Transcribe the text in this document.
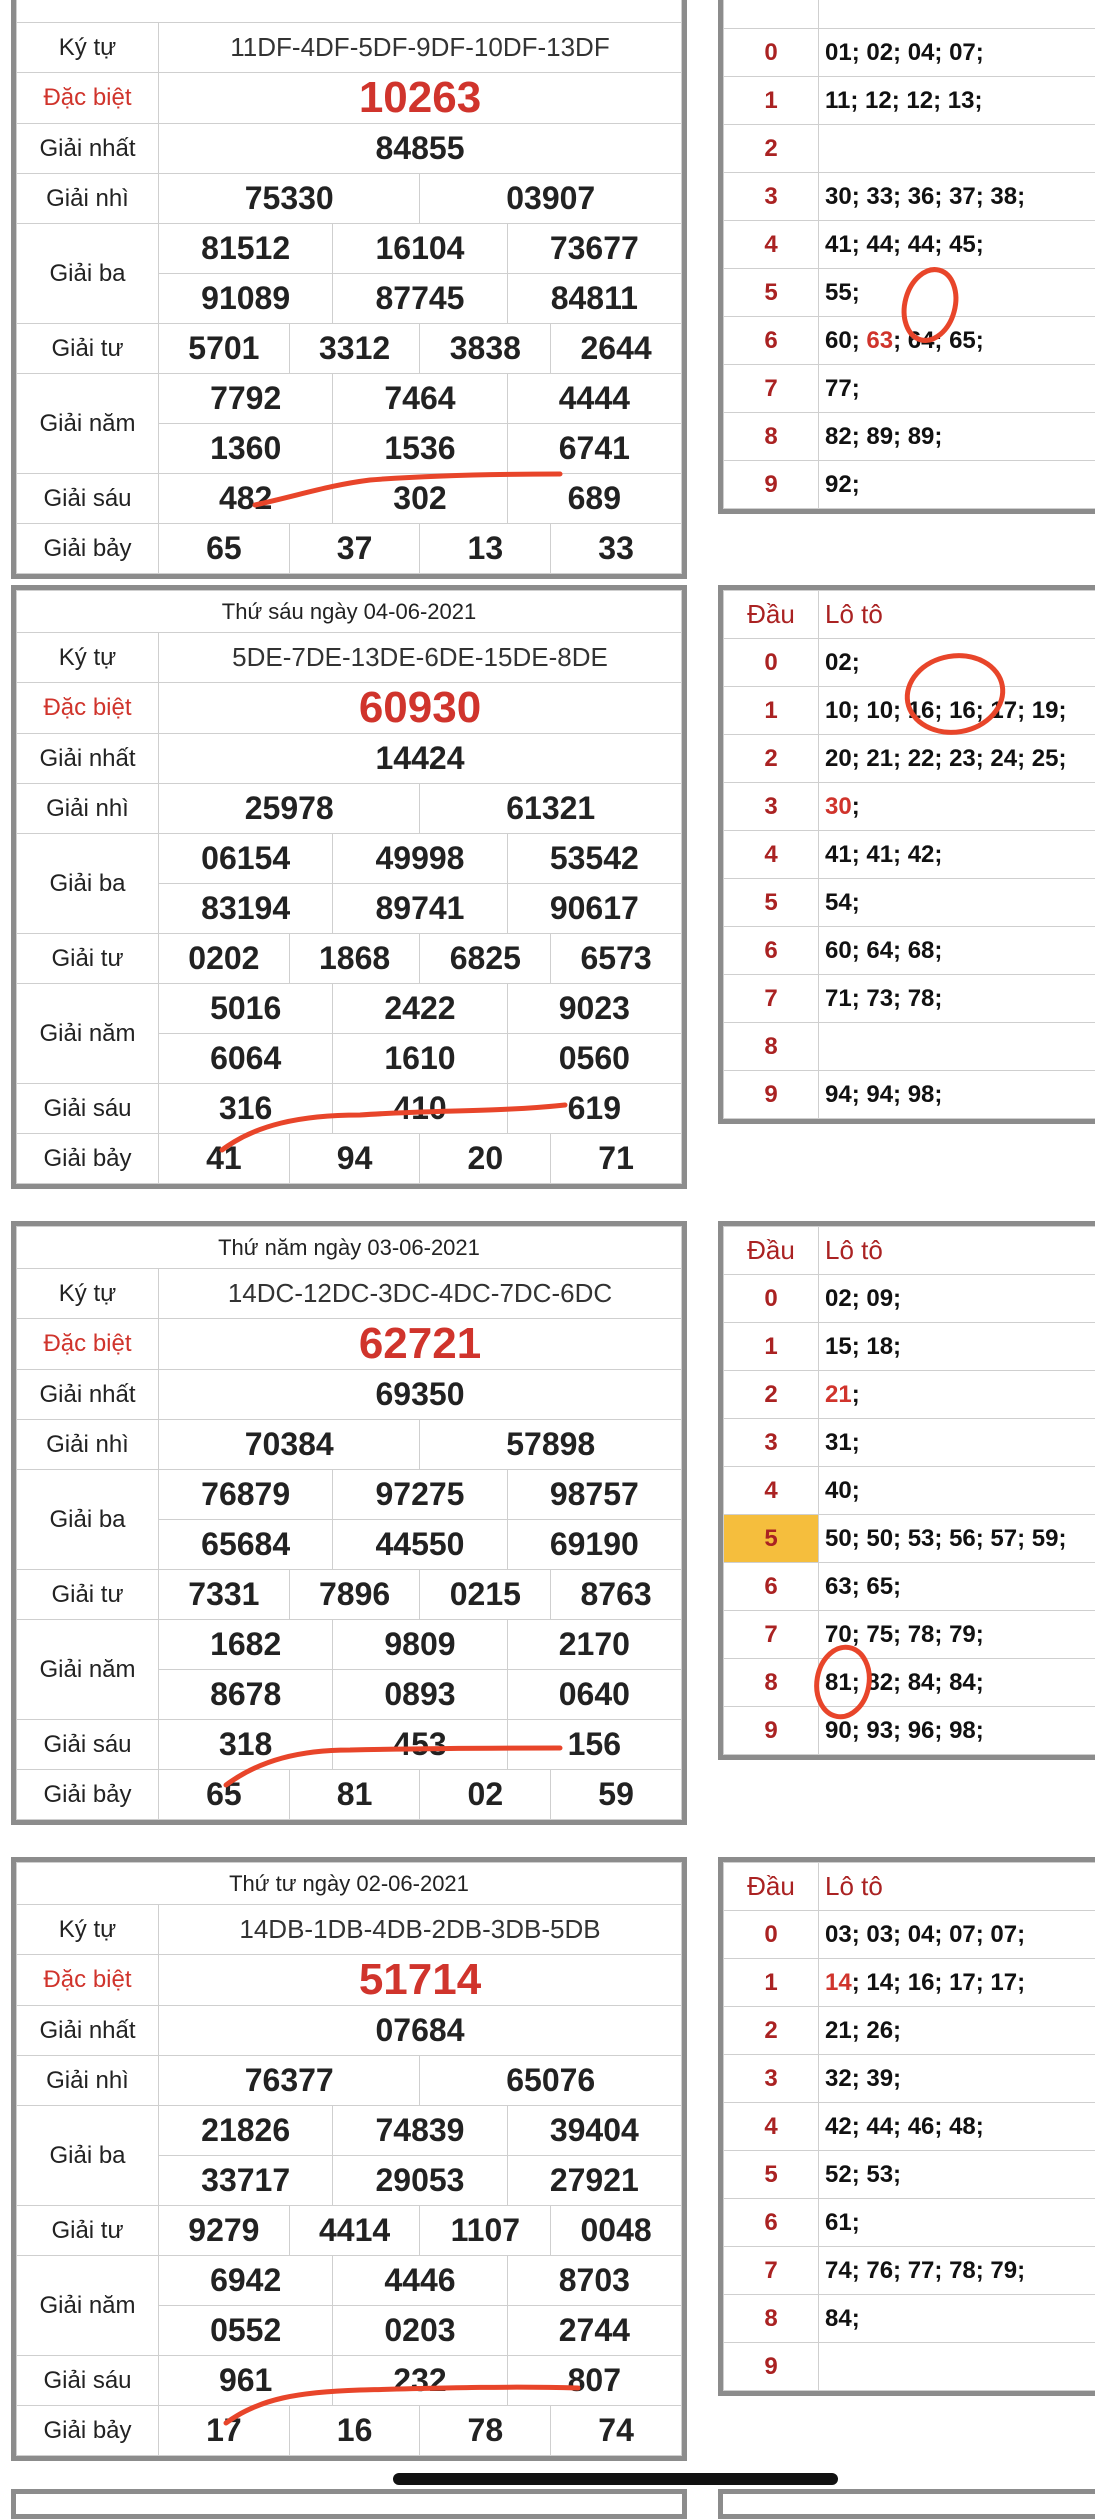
Ký tự	11DF-4DF-5DF-9DF-10DF-13DF					
Đặc biệt	10263					
Giải nhất	84855					
Giải nhì	75330			03907		
Giải ba	81512		16104		73677	
	91089		87745		84811	
Giải tư	5701	3312		3838		2644
Giải năm	7792		7464		4444	
	1360		1536		6741	
Giải sáu	482		302		689	
Giải bảy	65	37		13		33
Thứ sáu ngày 04-06-2021						
Ký tự	5DE-7DE-13DE-6DE-15DE-8DE					
Đặc biệt	60930					
Giải nhất	14424					
Giải nhì	25978			61321		
Giải ba	06154		49998		53542	
	83194		89741		90617	
Giải tư	0202	1868		6825		6573
Giải năm	5016		2422		9023	
	6064		1610		0560	
Giải sáu	316		410		619	
Giải bảy	41	94		20		71
Thứ năm ngày 03-06-2021						
Ký tự	14DC-12DC-3DC-4DC-7DC-6DC					
Đặc biệt	62721					
Giải nhất	69350					
Giải nhì	70384			57898		
Giải ba	76879		97275		98757	
	65684		44550		69190	
Giải tư	7331	7896		0215		8763
Giải năm	1682		9809		2170	
	8678		0893		0640	
Giải sáu	318		453		156	
Giải bảy	65	81		02		59
Thứ tư ngày 02-06-2021						
Ký tự	14DB-1DB-4DB-2DB-3DB-5DB					
Đặc biệt	51714					
Giải nhất	07684					
Giải nhì	76377			65076		
Giải ba	21826		74839		39404	
	33717		29053		27921	
Giải tư	9279	4414		1107		0048
Giải năm	6942		4446		8703	
	0552		0203		2744	
Giải sáu	961		232		807	
Giải bảy	17	16		78		74

0	01; 02; 04; 07;
1	11; 12; 12; 13;
2	
3	30; 33; 36; 37; 38;
4	41; 44; 44; 45;
5	55;
6	60; 63; 64; 65;
7	77;
8	82; 89; 89;
9	92;
Đầu	Lô tô
0	02;
1	10; 10; 16; 16; 17; 19;
2	20; 21; 22; 23; 24; 25;
3	30;
4	41; 41; 42;
5	54;
6	60; 64; 68;
7	71; 73; 78;
8	
9	94; 94; 98;
Đầu	Lô tô
0	02; 09;
1	15; 18;
2	21;
3	31;
4	40;
5	50; 50; 53; 56; 57; 59;
6	63; 65;
7	70; 75; 78; 79;
8	81; 82; 84; 84;
9	90; 93; 96; 98;
Đầu	Lô tô
0	03; 03; 04; 07; 07;
1	14; 14; 16; 17; 17;
2	21; 26;
3	32; 39;
4	42; 44; 46; 48;
5	52; 53;
6	61;
7	74; 76; 77; 78; 79;
8	84;
9	
